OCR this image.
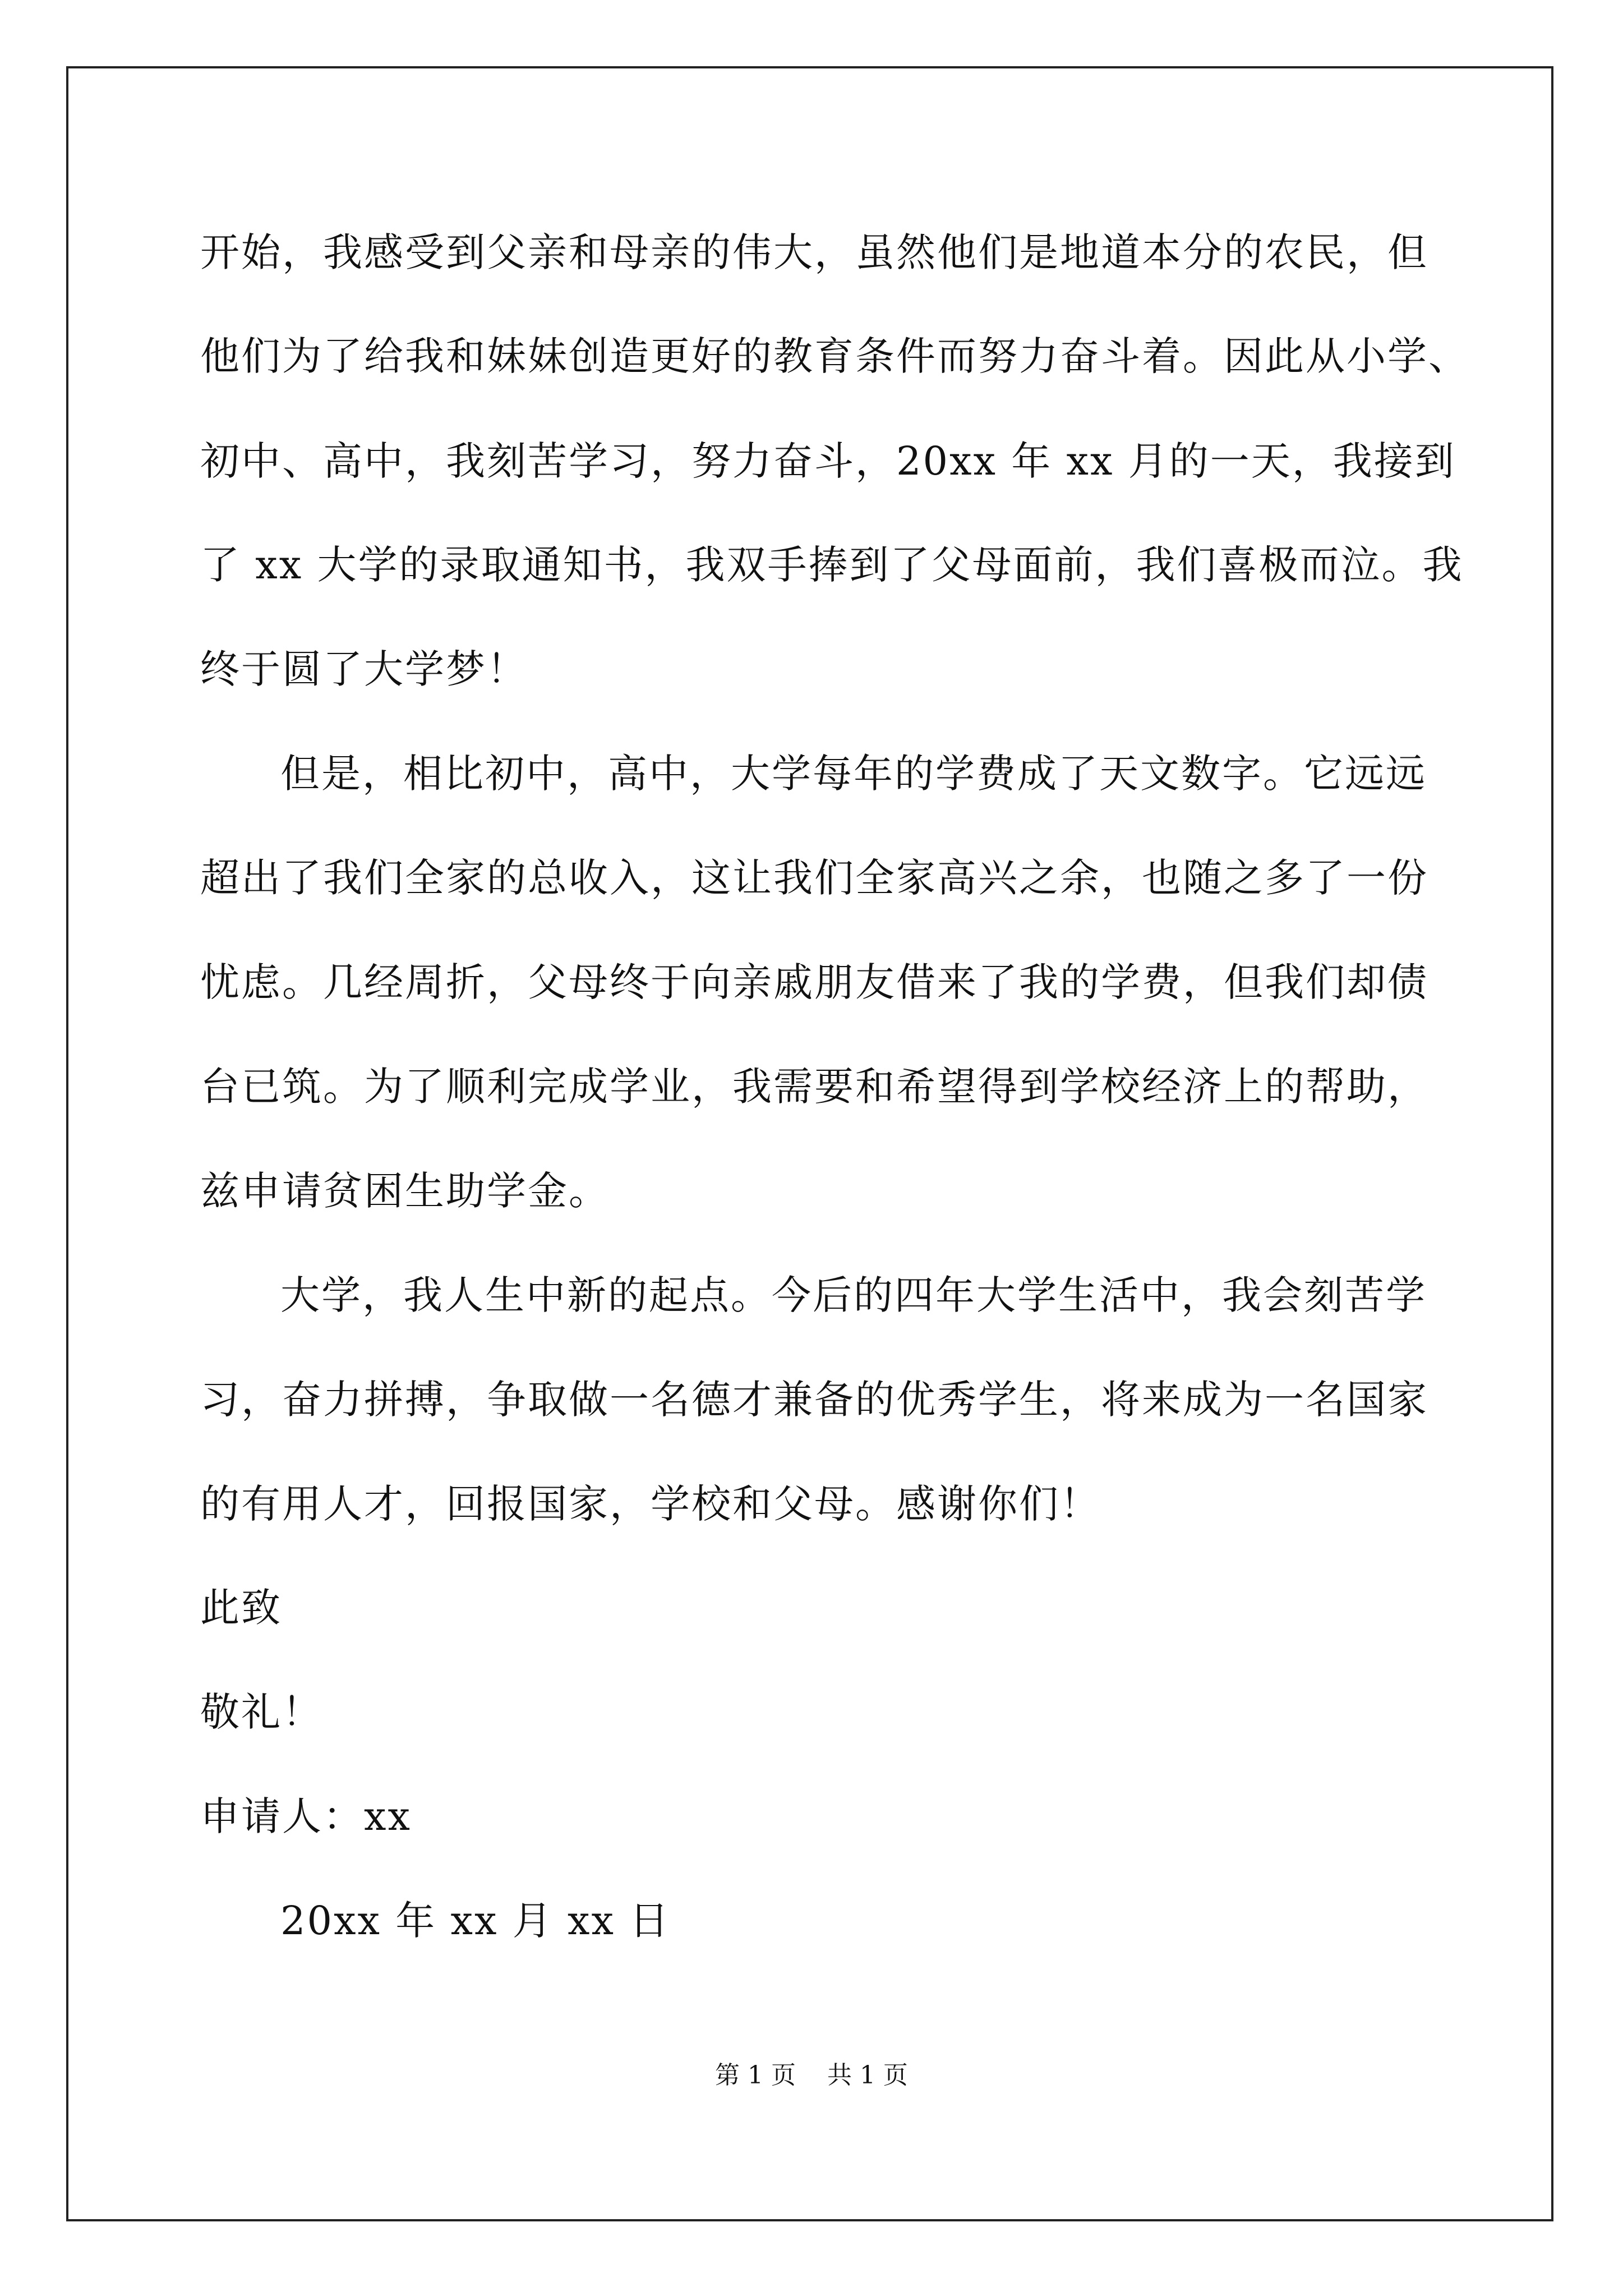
开始，我感受到父亲和母亲的伟大，虽然他们是地道本分的农民，但
他们为了给我和妹妹创造更好的教育条件而努力奋斗着。因此从小学、
初中、高中，我刻苦学习，努力奋斗，20xx 年 xx 月的一天，我接到
了 xx 大学的录取通知书，我双手捧到了父母面前，我们喜极而泣。我
终于圆了大学梦！
但是，相比初中，高中，大学每年的学费成了天文数字。它远远
超出了我们全家的总收入，这让我们全家高兴之余，也随之多了一份
忧虑。几经周折，父母终于向亲戚朋友借来了我的学费，但我们却债
台已筑。为了顺利完成学业，我需要和希望得到学校经济上的帮助，
兹申请贫困生助学金。
大学，我人生中新的起点。今后的四年大学生活中，我会刻苦学
习，奋力拼搏，争取做一名德才兼备的优秀学生，将来成为一名国家
的有用人才，回报国家，学校和父母。感谢你们！
此致
敬礼！
申请人：xx
20xx 年 xx 月 xx 日
第 1 页    共 1 页
